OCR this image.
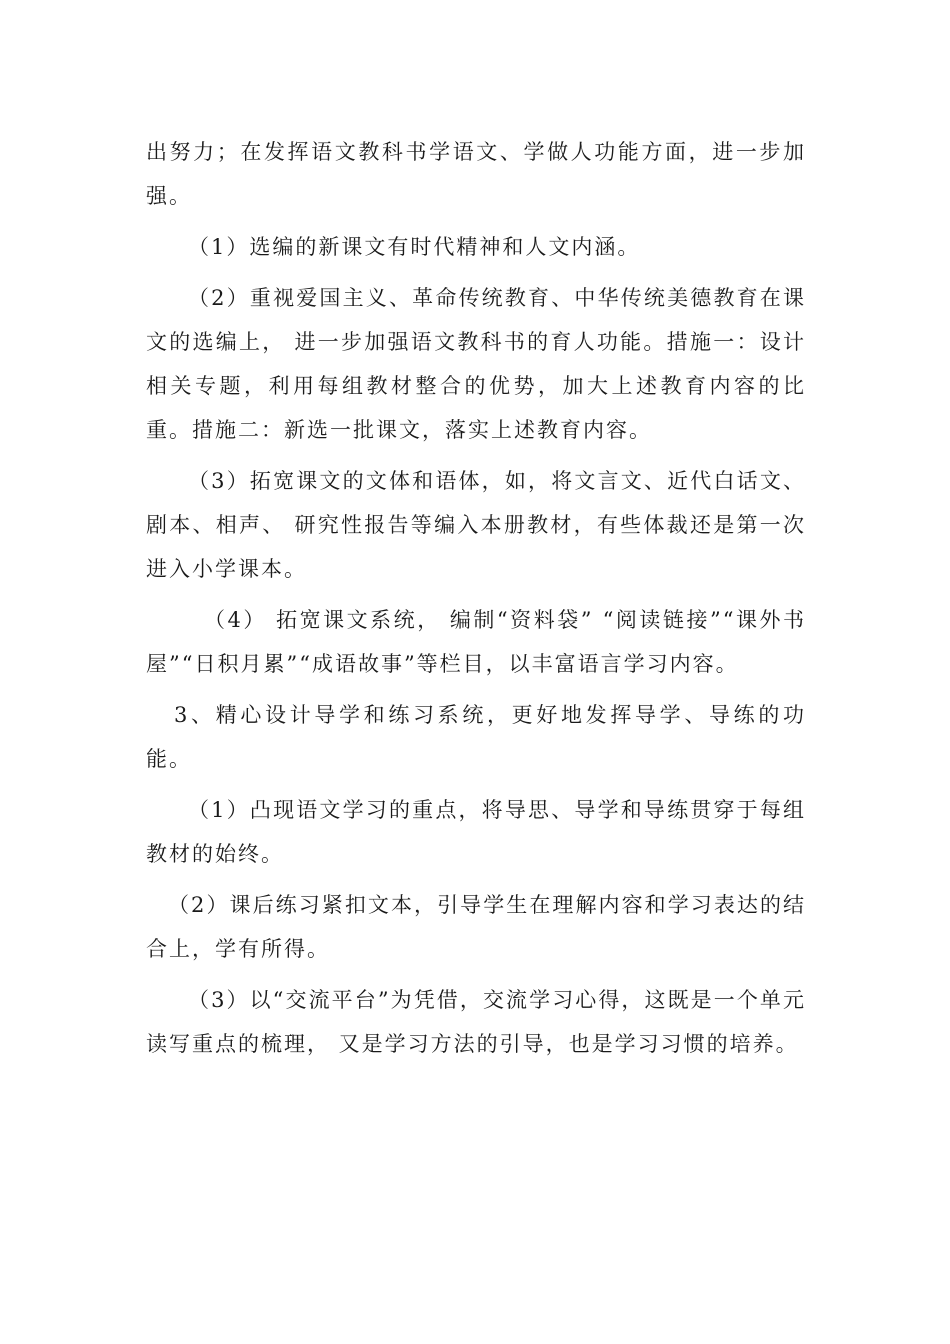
出努力；在发挥语文教科书学语文、学做人功能方面，进一步加强。

（1）选编的新课文有时代精神和人文内涵。

（2）重视爱国主义、革命传统教育、中华传统美德教育在课文的选编上， 进一步加强语文教科书的育人功能。措施一：设计相关专题，利用每组教材整合的优势，加大上述教育内容的比重。措施二：新选一批课文，落实上述教育内容。

（3）拓宽课文的文体和语体，如，将文言文、近代白话文、剧本、相声、 研究性报告等编入本册教材，有些体裁还是第一次进入小学课本。

（4） 拓宽课文系统， 编制“资料袋” “阅读链接”“课外书屋”“日积月累”“成语故事”等栏目，以丰富语言学习内容。

3、精心设计导学和练习系统，更好地发挥导学、导练的功能。

（1）凸现语文学习的重点，将导思、导学和导练贯穿于每组教材的始终。

（2）课后练习紧扣文本，引导学生在理解内容和学习表达的结合上，学有所得。

（3）以“交流平台”为凭借，交流学习心得，这既是一个单元读写重点的梳理， 又是学习方法的引导，也是学习习惯的培养。
